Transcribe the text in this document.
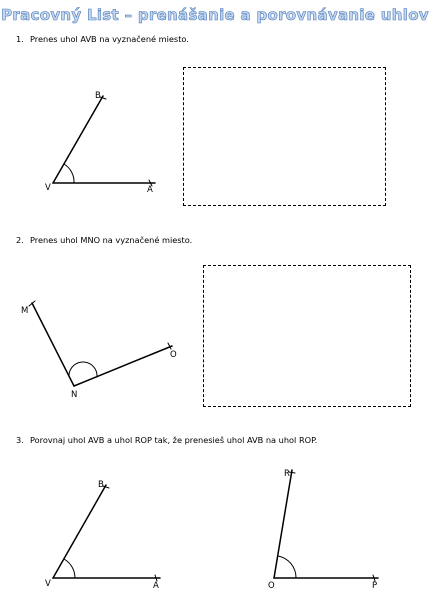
Pracovný List – prenášanie a porovnávanie uhlov
1. Prenes uhol AVB na vyznačené miesto.
2. Prenes uhol MNO na vyznačené miesto.
3. Porovnaj uhol AVB a uhol ROP tak, že prenesieš uhol AVB na uhol ROP.
V	A
B
N
M
O
V	A
B
O	P
R
